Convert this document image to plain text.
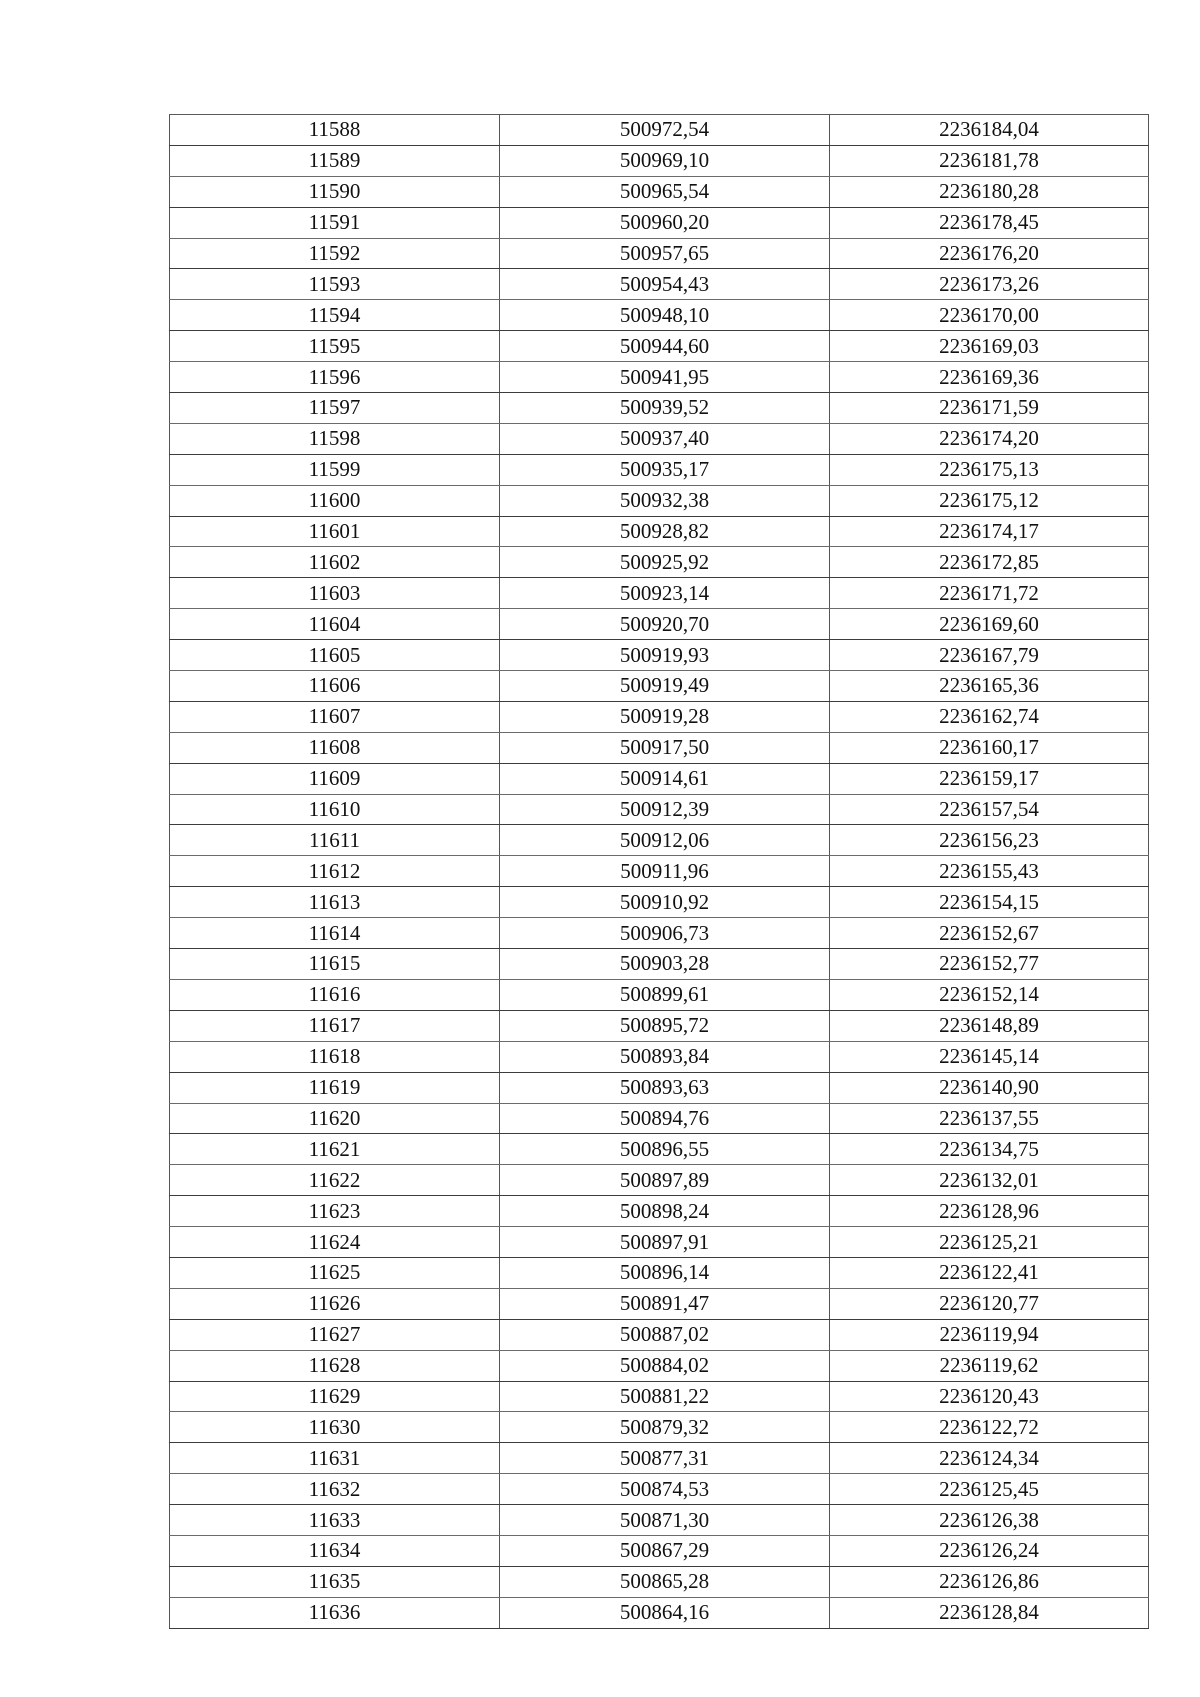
11588	500972,54	2236184,04
11589	500969,10	2236181,78
11590	500965,54	2236180,28
11591	500960,20	2236178,45
11592	500957,65	2236176,20
11593	500954,43	2236173,26
11594	500948,10	2236170,00
11595	500944,60	2236169,03
11596	500941,95	2236169,36
11597	500939,52	2236171,59
11598	500937,40	2236174,20
11599	500935,17	2236175,13
11600	500932,38	2236175,12
11601	500928,82	2236174,17
11602	500925,92	2236172,85
11603	500923,14	2236171,72
11604	500920,70	2236169,60
11605	500919,93	2236167,79
11606	500919,49	2236165,36
11607	500919,28	2236162,74
11608	500917,50	2236160,17
11609	500914,61	2236159,17
11610	500912,39	2236157,54
11611	500912,06	2236156,23
11612	500911,96	2236155,43
11613	500910,92	2236154,15
11614	500906,73	2236152,67
11615	500903,28	2236152,77
11616	500899,61	2236152,14
11617	500895,72	2236148,89
11618	500893,84	2236145,14
11619	500893,63	2236140,90
11620	500894,76	2236137,55
11621	500896,55	2236134,75
11622	500897,89	2236132,01
11623	500898,24	2236128,96
11624	500897,91	2236125,21
11625	500896,14	2236122,41
11626	500891,47	2236120,77
11627	500887,02	2236119,94
11628	500884,02	2236119,62
11629	500881,22	2236120,43
11630	500879,32	2236122,72
11631	500877,31	2236124,34
11632	500874,53	2236125,45
11633	500871,30	2236126,38
11634	500867,29	2236126,24
11635	500865,28	2236126,86
11636	500864,16	2236128,84
